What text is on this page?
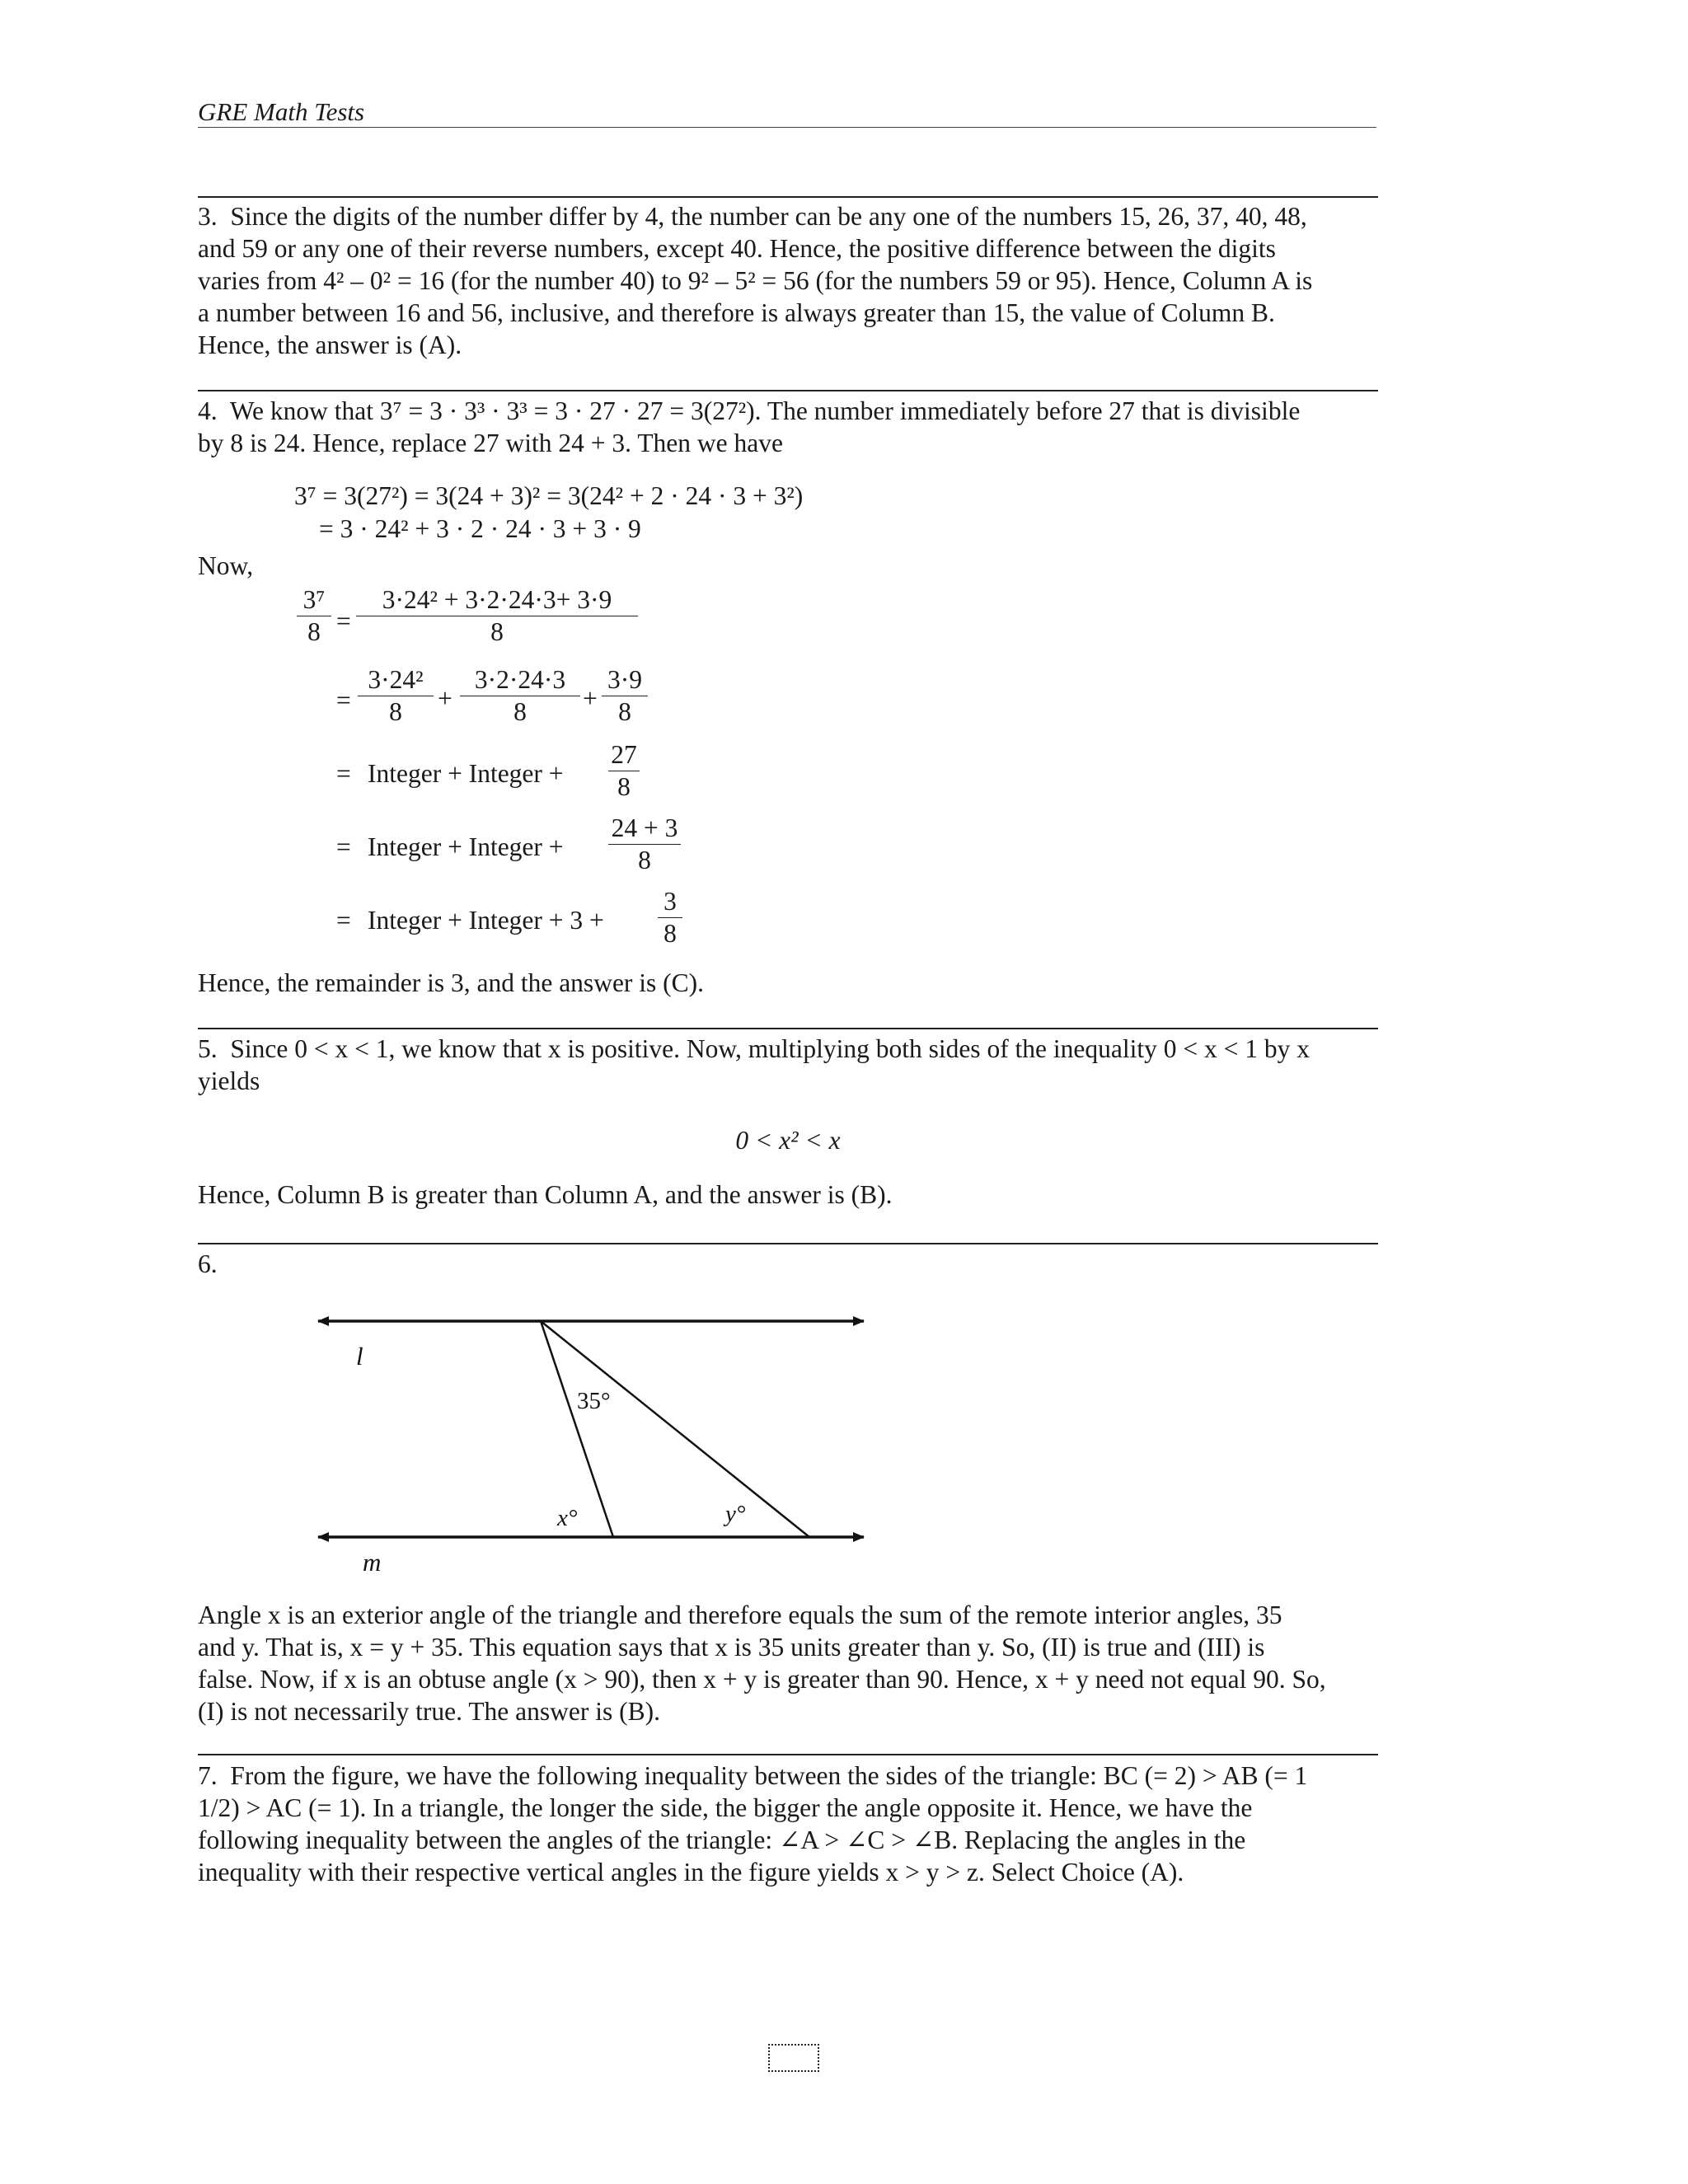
GRE Math Tests
3. Since the digits of the number differ by 4, the number can be any one of the numbers 15, 26, 37, 40, 48,
and 59 or any one of their reverse numbers, except 40. Hence, the positive difference between the digits
varies from 4² – 0² = 16 (for the number 40) to 9² – 5² = 56 (for the numbers 59 or 95). Hence, Column A is
a number between 16 and 56, inclusive, and therefore is always greater than 15, the value of Column B.
Hence, the answer is (A).
4. We know that 3⁷ = 3 · 3³ · 3³ = 3 · 27 · 27 = 3(27²). The number immediately before 27 that is divisible
by 8 is 24. Hence, replace 27 with 24 + 3. Then we have
3⁷ = 3(27²) = 3(24 + 3)² = 3(24² + 2 · 24 · 3 + 3²)
= 3 · 24² + 3 · 2 · 24 · 3 + 3 · 9
Now,
3⁷
8 =
3·24² + 3·2·24·3+ 3·9
8
=
3·24²
8	+
3·2·24·3
8	+
3·9
8
= Integer + Integer +
27
8
= Integer + Integer +
24 + 3
8
= Integer + Integer + 3 +
3
8
Hence, the remainder is 3, and the answer is (C).
5. Since 0 < x < 1, we know that x is positive. Now, multiplying both sides of the inequality 0 < x < 1 by x
yields
0 < x² < x
Hence, Column B is greater than Column A, and the answer is (B).
6.
l
m
35°
x°	y°
Angle x is an exterior angle of the triangle and therefore equals the sum of the remote interior angles, 35
and y. That is, x = y + 35. This equation says that x is 35 units greater than y. So, (II) is true and (III) is
false. Now, if x is an obtuse angle (x > 90), then x + y is greater than 90. Hence, x + y need not equal 90. So,
(I) is not necessarily true. The answer is (B).
7. From the figure, we have the following inequality between the sides of the triangle: BC (= 2) > AB (= 1
1/2) > AC (= 1). In a triangle, the longer the side, the bigger the angle opposite it. Hence, we have the
following inequality between the angles of the triangle: ∠A > ∠C > ∠B. Replacing the angles in the
inequality with their respective vertical angles in the figure yields x > y > z. Select Choice (A).
